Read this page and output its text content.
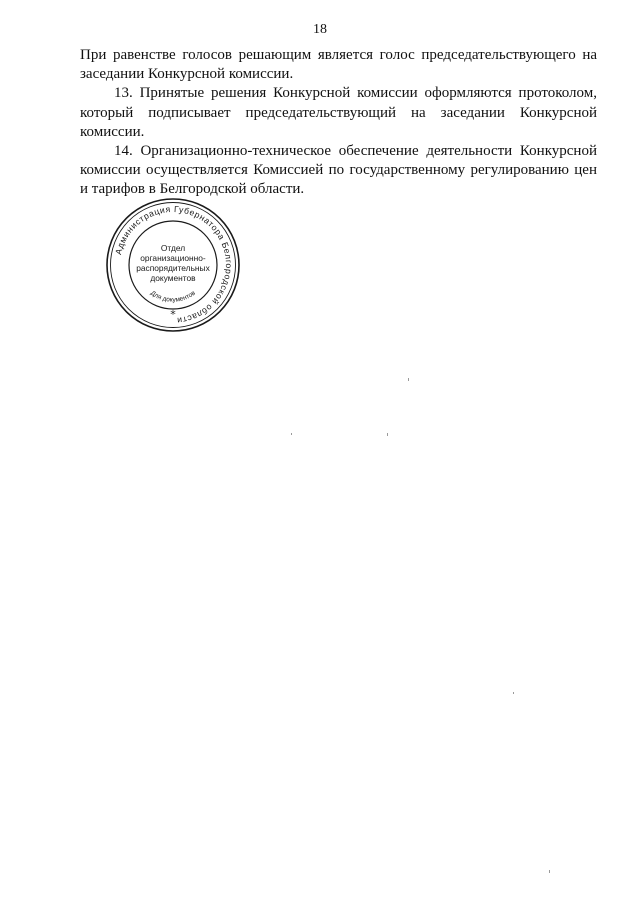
18

При равенстве голосов решающим является голос председательствующего на заседании Конкурсной комиссии.

13. Принятые решения Конкурсной комиссии оформляются протоколом, который подписывает председательствующий на заседании Конкурсной комиссии.

14. Организационно-техническое обеспечение деятельности Конкурсной комиссии осуществляется Комиссией по государственному регулированию цен и тарифов в Белгородской области.

Администрация Губернатора Белгородской области
Отдел
организационно-
распорядительных
документов
Для документов
*
